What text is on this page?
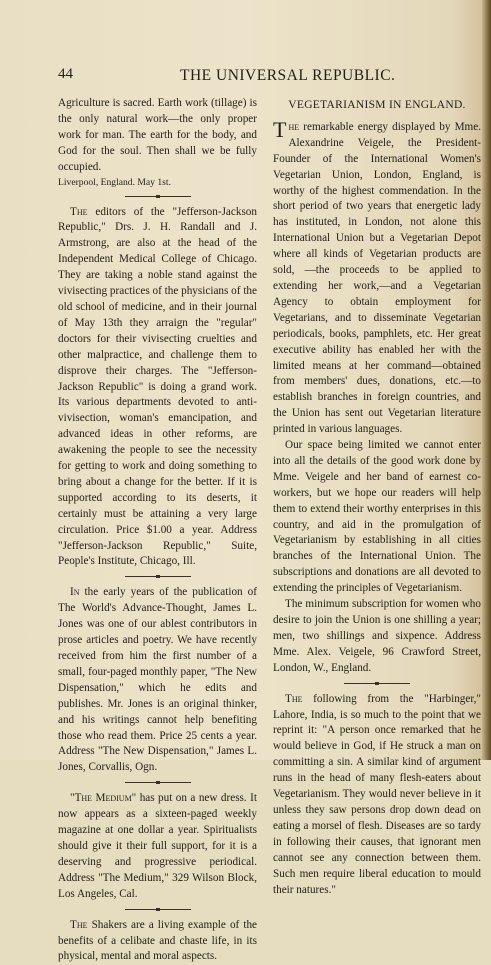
44	THE UNIVERSAL REPUBLIC.

Agriculture is sacred. Earth work (tillage) is the only natural work—the only proper work for man. The earth for the body, and God for the soul. Then shall we be fully occupied.

Liverpool, England. May 1st.

The editors of the "Jefferson-Jackson Republic," Drs. J. H. Randall and J. Armstrong, are also at the head of the Independent Medical College of Chicago. They are taking a noble stand against the vivisecting practices of the physicians of the old school of medicine, and in their journal of May 13th they arraign the "regular" doctors for their vivisecting cruelties and other malpractice, and challenge them to disprove their charges. The "Jefferson-Jackson Republic" is doing a grand work. Its various departments devoted to anti-vivisection, woman's emancipation, and advanced ideas in other reforms, are awakening the people to see the necessity for getting to work and doing something to bring about a change for the better. If it is supported according to its deserts, it certainly must be attaining a very large circulation. Price $1.00 a year. Address "Jefferson-Jackson Republic," Suite, People's Institute, Chicago, Ill.

In the early years of the publication of The World's Advance-Thought, James L. Jones was one of our ablest contributors in prose articles and poetry. We have recently received from him the first number of a small, four-paged monthly paper, "The New Dispensation," which he edits and publishes. Mr. Jones is an original thinker, and his writings cannot help benefiting those who read them. Price 25 cents a year. Address "The New Dispensation," James L. Jones, Corvallis, Ogn.

"The Medium" has put on a new dress. It now appears as a sixteen-paged weekly magazine at one dollar a year. Spiritualists should give it their full support, for it is a deserving and progressive periodical. Address "The Medium," 329 Wilson Block, Los Angeles, Cal.

The Shakers are a living example of the benefits of a celibate and chaste life, in its physical, mental and moral aspects.

VEGETARIANISM IN ENGLAND.

The remarkable energy displayed by Mme. Alexandrine Veigele, the President-Founder of the International Women's Vegetarian Union, London, England, is worthy of the highest commendation. In the short period of two years that energetic lady has instituted, in London, not alone this International Union but a Vegetarian Depot where all kinds of Vegetarian products are sold, —the proceeds to be applied to extending her work,—and a Vegetarian Agency to obtain employment for Vegetarians, and to disseminate Vegetarian periodicals, books, pamphlets, etc. Her great executive ability has enabled her with the limited means at her command—obtained from members' dues, donations, etc.—to establish branches in foreign countries, and the Union has sent out Vegetarian literature printed in various languages.

Our space being limited we cannot enter into all the details of the good work done by Mme. Veigele and her band of earnest co-workers, but we hope our readers will help them to extend their worthy enterprises in this country, and aid in the promulgation of Vegetarianism by establishing in all cities branches of the International Union. The subscriptions and donations are all devoted to extending the principles of Vegetarianism.

The minimum subscription for women who desire to join the Union is one shilling a year; men, two shillings and sixpence. Address Mme. Alex. Veigele, 96 Crawford Street, London, W., England.

The following from the "Harbinger," Lahore, India, is so much to the point that we reprint it: "A person once remarked that he would believe in God, if He struck a man on committing a sin. A similar kind of argument runs in the head of many flesh-eaters about Vegetarianism. They would never believe in it unless they saw persons drop down dead on eating a morsel of flesh. Diseases are so tardy in following their causes, that ignorant men cannot see any connection between them. Such men require liberal education to mould their natures."
